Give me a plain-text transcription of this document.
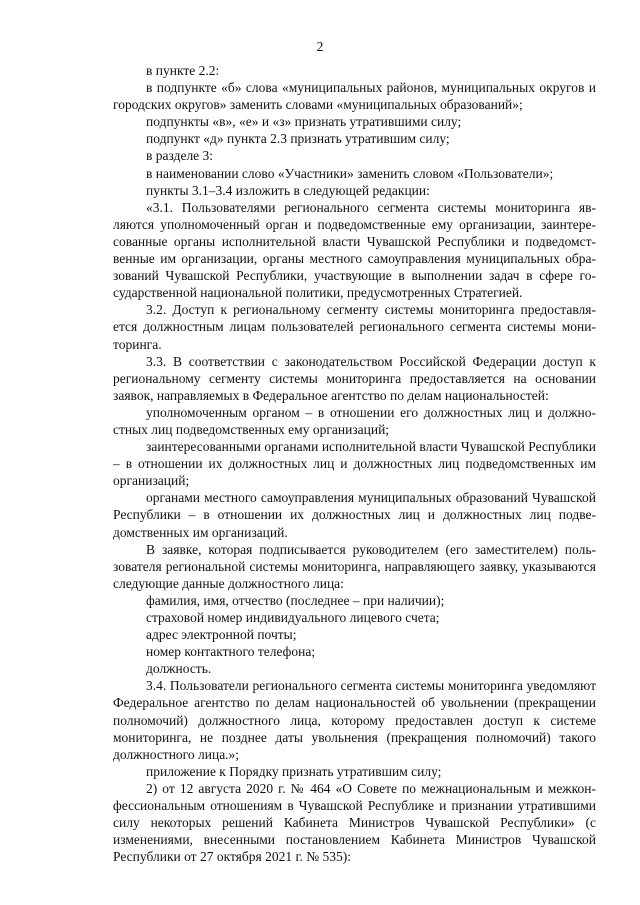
2

в пункте 2.2:

в подпункте «б» слова «муниципальных районов, муниципальных округов и городских округов» заменить словами «муниципальных образований»;

подпункты «в», «е» и «з» признать утратившими силу;

подпункт «д» пункта 2.3 признать утратившим силу;

в разделе 3:

в наименовании слово «Участники» заменить словом «Пользователи»;

пункты 3.1–3.4 изложить в следующей редакции:

«3.1. Пользователями регионального сегмента системы мониторинга являются уполномоченный орган и подведомственные ему организации, заинтересованные органы исполнительной власти Чувашской Республики и подведомственные им организации, органы местного самоуправления муниципальных образований Чувашской Республики, участвующие в выполнении задач в сфере государственной национальной политики, предусмотренных Стратегией.

3.2. Доступ к региональному сегменту системы мониторинга предоставляется должностным лицам пользователей регионального сегмента системы мониторинга.

3.3. В соответствии с законодательством Российской Федерации доступ к региональному сегменту системы мониторинга предоставляется на основании заявок, направляемых в Федеральное агентство по делам национальностей:

уполномоченным органом – в отношении его должностных лиц и должностных лиц подведомственных ему организаций;

заинтересованными органами исполнительной власти Чувашской Республики – в отношении их должностных лиц и должностных лиц подведомственных им организаций;

органами местного самоуправления муниципальных образований Чувашской Республики – в отношении их должностных лиц и должностных лиц подведомственных им организаций.

В заявке, которая подписывается руководителем (его заместителем) пользователя региональной системы мониторинга, направляющего заявку, указываются следующие данные должностного лица:

фамилия, имя, отчество (последнее – при наличии);

страховой номер индивидуального лицевого счета;

адрес электронной почты;

номер контактного телефона;

должность.

3.4. Пользователи регионального сегмента системы мониторинга уведомляют Федеральное агентство по делам национальностей об увольнении (прекращении полномочий) должностного лица, которому предоставлен доступ к системе мониторинга, не позднее даты увольнения (прекращения полномочий) такого должностного лица.»;

приложение к Порядку признать утратившим силу;

2) от 12 августа 2020 г. № 464 «О Совете по межнациональным и межконфессиональным отношениям в Чувашской Республике и признании утратившими силу некоторых решений Кабинета Министров Чувашской Республики» (с изменениями, внесенными постановлением Кабинета Министров Чувашской Республики от 27 октября 2021 г. № 535):
